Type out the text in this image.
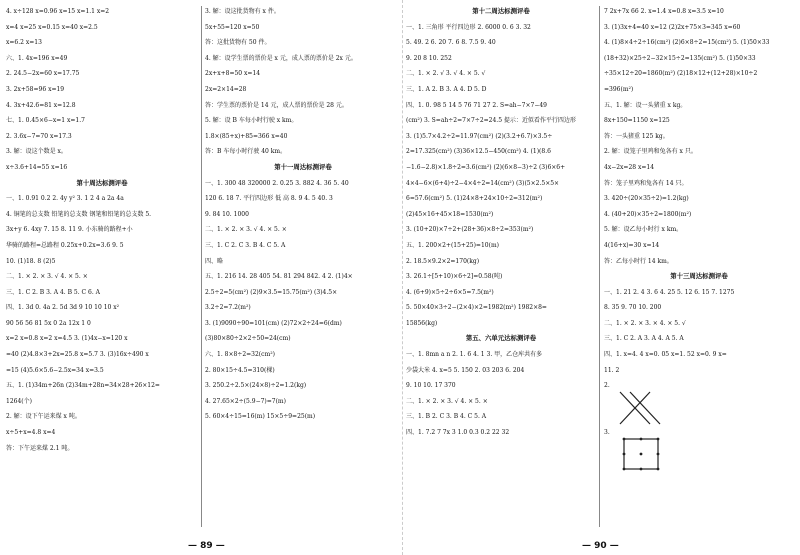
4. x÷128 x=0.96 x=15 x=1.1 x=2
x=4 x=25 x=0.15 x=40 x=2.5
x=6.2 x=13
六、1. 4x=196 x=49
2. 24.5−2x=60 x=17.75
3. 2x+58=96 x=19
4. 3x+42.6=81 x=12.8
七、1. 0.45×6−x=1 x=1.7
2. 3.6x−7=70 x=17.3
3. 解：设这个数是 x。
x÷3.6+14=55 x=16
第十周达标测评卷
一、1. 0.91 0.2 2. 4y y² 3. 1 2 4 a 2a 4a
4. 铜笔的总支数 铅笔的总支数 钢笔和铅笔的总支数 5.
3x+y 6. 4xy 7. 15 8. 11 9. 小东骑的路程+小
华骑的路程=总路程 0.25x+0.2x=3.6 9. 5
10. (1)18. 8 (2)5
二、1. × 2. × 3. √ 4. × 5. ×
三、1. C 2. B 3. A 4. B 5. C 6. A
四、1. 3d 0. 4a 2. 5d 3d 9 10 10 10 x²
90 56 56 81 5x 0 2a 12x 1 0
x=2 x=0.8 x=2 x=4.5 3. (1)4x−x=120 x
=40 (2)4.8×3+2x=25.8 x=5.7 3. (3)16x÷490 x
=15 (4)5.6×5.6−2.5x=34 x=3.5
五、1. (1)34m+26n (2)34m+28n=34×28+26×12=
1264(个)
2. 解：设下午运来煤 x 吨。
x÷5+x=4.8 x=4
答：下午运来煤 2.1 吨。
3. 解：设这批货物有 x 件。
5x+55=120 x=50
答：这批货物有 50 件。
4. 解：设学生票的票价是 x 元，成人票的票价是 2x 元。
2x+x+8=50 x=14
2x=2×14=28
答：学生票的票价是 14 元，成人票的票价是 28 元。
5. 解：设 B 车每小时行驶 x km。
1.8×(85+x)+85=366 x=40
答：B 车每小时行驶 40 km。
第十一周达标测评卷
一、1. 300 48 320000 2. 0.25 3. 882 4. 36 5. 40
120 6. 18 7. 平行四边形 低 高 8. 9 4. 5 40. 3
9. 84 10. 1000
二、1. × 2. × 3. √ 4. × 5. ×
三、1. C 2. C 3. B 4. C 5. A
四、略
五、1. 216 14. 28 405 54. 81 294 842. 4 2. (1)4×
2.5÷2=5(cm²) (2)9×3.5=15.75(m²) (3)4.5×
3.2÷2=7.2(m²)
3. (1)9090÷90=101(cm) (2)72×2÷24=6(dm)
(3)80×80÷2×2÷50=24(cm)
六、1. 8×8÷2=32(cm²)
2. 80×15÷4.5=310(棵)
3. 250.2÷2.5×(24×8)÷2=1.2(kg)
4. 27.65×2÷(5.9−7)=7(m)
5. 60×4÷15=16(m) 15×5÷9=25(m)
第十二周达标测评卷
一、1. 三角形 平行四边形 2. 6000 0. 6 3. 32
5. 49. 2 6. 20 7. 6 8. 7.5 9. 40
9. 20 8 10. 252
二、1. × 2. √ 3. √ 4. × 5. √
三、1. A 2. B 3. A 4. D 5. D
四、1. 0. 98 5 14 5 76 71 27 2. S=ah−7×7−49
(cm²) 3. S=ah÷2=7×7÷2=24.5 提示：近似看作平行四边形
3. (1)5.7×4.2÷2=11.97(cm²) (2)(3.2+6.7)×3.5÷
2=17.325(cm²) (3)36×12.5−450(cm²) 4. (1)(8.6
−1.6−2.8)×1.8÷2=3.6(cm²) (2)(6×8−3)÷2 (3)6×6+
4×4−6×(6+4)÷2−4×4÷2=14(cm²) (3)(5×2.5×5×
6=57.6(cm²) 5. (1)24×8+24×10÷2=312(m²)
(2)45×16+45×18=1530(m²)
3. (10+20)×7÷2+(28+36)×8÷2=353(m²)
五、1. 200×2+(15+25)=10(m)
2. 18.5×9.2×2=170(kg)
3. 26.1÷[5+10)×6÷2]=0.58(吨)
4. (6+9)×5÷2÷6×5=7.5(m²)
5. 50×40×3÷2−(2×4)×2=1982(m²) 1982×8=
15856(kg)
第五、六单元达标测评卷
一、1. 8mn a n 2. 1. 6 4. 1 3. 甲，乙仓库共有多
少袋大米 4. x=5 5. 150 2. 03 203 6. 204
9. 10 10. 17 370
二、1. × 2. × 3. √ 4. × 5. ×
三、1. B 2. C 3. B 4. C 5. A
四、1. 7.2 7 7x 3 1.0 0.3 0.2 22 32
7 2x+7x 66 2. x=1.4 x=0.8 x=3.5 x=10
3. (1)3x+4=40 x=12 (2)2x+75×3=345 x=60
4. (1)8×4÷2÷16(cm²) (2)6×8÷2=15(cm²) 5. (1)50×33
(18+32)×25÷2−32×15÷2=135(cm²) 5. (1)50×33
÷35×12÷20=1860(m²) (2)18×12+(12+28)×10÷2
=396(m²)
五、1. 解：设一头猪重 x kg。
8x+150=1150 x=125
答：一头猪重 125 kg。
2. 解：设笼子里鸡和兔各有 x 只。
4x−2x=28 x=14
答：笼子里鸡和兔各有 14 只。
3. 420÷(20×35÷2)=1.2(kg)
4. (40+20)×35÷2=1800(m²)
5. 解：设乙每小时行 x km。
4(16+x)=30 x=14
答：乙每小时行 14 km。
第十三周达标测评卷
一、1. 21 2. 4 3. 6 4. 25 5. 12 6. 15 7. 1275
8. 35 9. 70 10. 200
二、1. × 2. × 3. × 4. × 5. √
三、1. C 2. A 3. A 4. A 5. A
四、1. x=4. 4 x=0. 05 x=1. 52 x=0. 9 x=
11. 2
2.
3.
— 89 —	— 90 —
